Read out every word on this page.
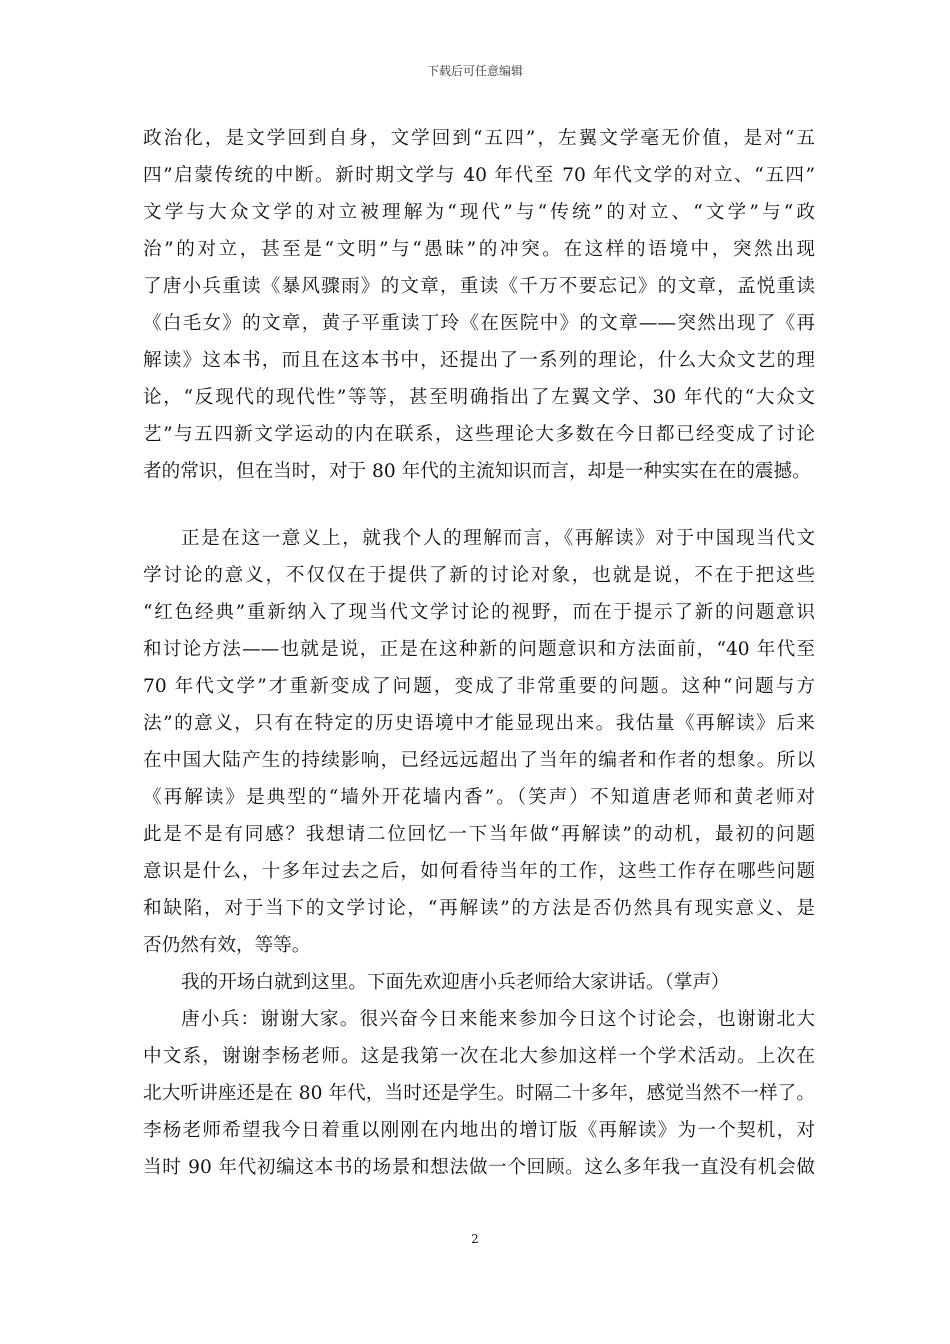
下载后可任意编辑
政治化，是文学回到自身，文学回到“五四”，左翼文学毫无价值，是对“五
四”启蒙传统的中断。新时期文学与 40 年代至 70 年代文学的对立、“五四”
文学与大众文学的对立被理解为“现代”与“传统”的对立、“文学”与“政
治”的对立，甚至是“文明”与“愚昧”的冲突。在这样的语境中，突然出现
了唐小兵重读《暴风骤雨》的文章，重读《千万不要忘记》的文章，孟悦重读
《白毛女》的文章，黄子平重读丁玲《在医院中》的文章——突然出现了《再
解读》这本书，而且在这本书中，还提出了一系列的理论，什么大众文艺的理
论，“反现代的现代性”等等，甚至明确指出了左翼文学、30 年代的“大众文
艺”与五四新文学运动的内在联系，这些理论大多数在今日都已经变成了讨论
者的常识，但在当时，对于 80 年代的主流知识而言，却是一种实实在在的震撼。
正是在这一意义上，就我个人的理解而言，《再解读》对于中国现当代文
学讨论的意义，不仅仅在于提供了新的讨论对象，也就是说，不在于把这些
“红色经典”重新纳入了现当代文学讨论的视野，而在于提示了新的问题意识
和讨论方法——也就是说，正是在这种新的问题意识和方法面前，“40 年代至
70 年代文学”才重新变成了问题，变成了非常重要的问题。这种“问题与方
法”的意义，只有在特定的历史语境中才能显现出来。我估量《再解读》后来
在中国大陆产生的持续影响，已经远远超出了当年的编者和作者的想象。所以
《再解读》是典型的“墙外开花墙内香”。（笑声）不知道唐老师和黄老师对
此是不是有同感？我想请二位回忆一下当年做“再解读”的动机，最初的问题
意识是什么，十多年过去之后，如何看待当年的工作，这些工作存在哪些问题
和缺陷，对于当下的文学讨论，“再解读”的方法是否仍然具有现实意义、是
否仍然有效，等等。
我的开场白就到这里。下面先欢迎唐小兵老师给大家讲话。（掌声）
唐小兵：谢谢大家。很兴奋今日来能来参加今日这个讨论会，也谢谢北大
中文系，谢谢李杨老师。这是我第一次在北大参加这样一个学术活动。上次在
北大听讲座还是在 80 年代，当时还是学生。时隔二十多年，感觉当然不一样了。
李杨老师希望我今日着重以刚刚在内地出的增订版《再解读》为一个契机，对
当时 90 年代初编这本书的场景和想法做一个回顾。这么多年我一直没有机会做
2
